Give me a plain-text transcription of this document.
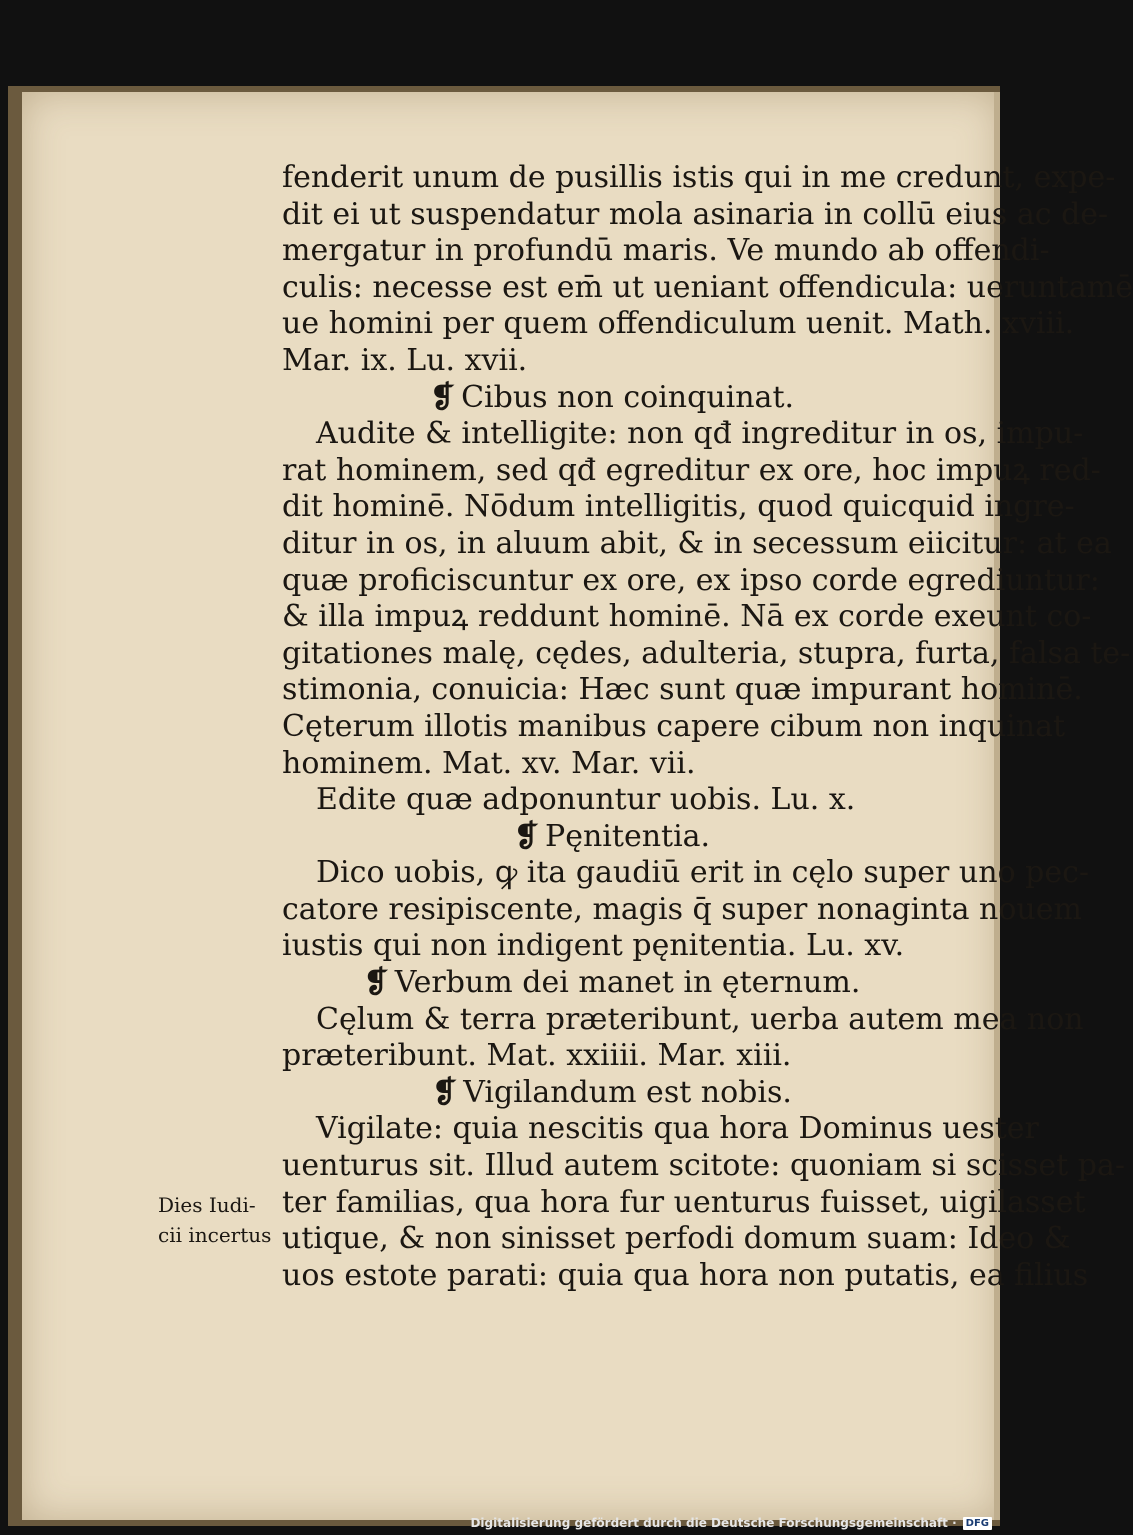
fenderit unum de pusillis istis qui in me credunt, expe‑
dit ei ut suspendatur mola asinaria in collū eius ac de‑
mergatur in profundū maris. Ve mundo ab offendi‑
culis: necesse est em̄ ut ueniant offendicula: ueruntamē
ue homini per quem offendiculum uenit. Math. xviii.
Mar. ix. Lu. xvii.
❡ Cibus non coinquinat.
Audite & intelligite: non qđ ingreditur in os, impu‑
rat hominem, sed qđ egreditur ex ore, hoc impuꝝ red‑
dit hominē. Nōdum intelligitis, quod quicquid ingre‑
ditur in os, in aluum abit, & in secessum eiicitur: at ea
quæ proficiscuntur ex ore, ex ipso corde egrediuntur:
& illa impuꝝ reddunt hominē. Nā ex corde exeunt co‑
gitationes malę, cędes, adulteria, stupra, furta, falsa te‑
stimonia, conuicia: Hæc sunt quæ impurant hominē.
Cęterum illotis manibus capere cibum non inquinat
hominem. Mat. xv. Mar. vii.
Edite quæ adponuntur uobis. Lu. x.
❡ Pęnitentia.
Dico uobis, ꝙ ita gaudiū erit in cęlo super uno pec‑
catore resipiscente, magis q̄ super nonaginta nouem
iustis qui non indigent pęnitentia. Lu. xv.
❡ Verbum dei manet in ęternum.
Cęlum & terra præteribunt, uerba autem mea non
præteribunt. Mat. xxiiii. Mar. xiii.
❡ Vigilandum est nobis.
Vigilate: quia nescitis qua hora Dominus uester
uenturus sit. Illud autem scitote: quoniam si scisset pa‑
ter familias, qua hora fur uenturus fuisset, uigilasset
utique, & non sinisset perfodi domum suam: Ideo &
uos estote parati: quia qua hora non putatis, ea filius
Dies Iudi‑
cii incertus
Digitalisierung gefördert durch die Deutsche Forschungsgemeinschaft · DFG
